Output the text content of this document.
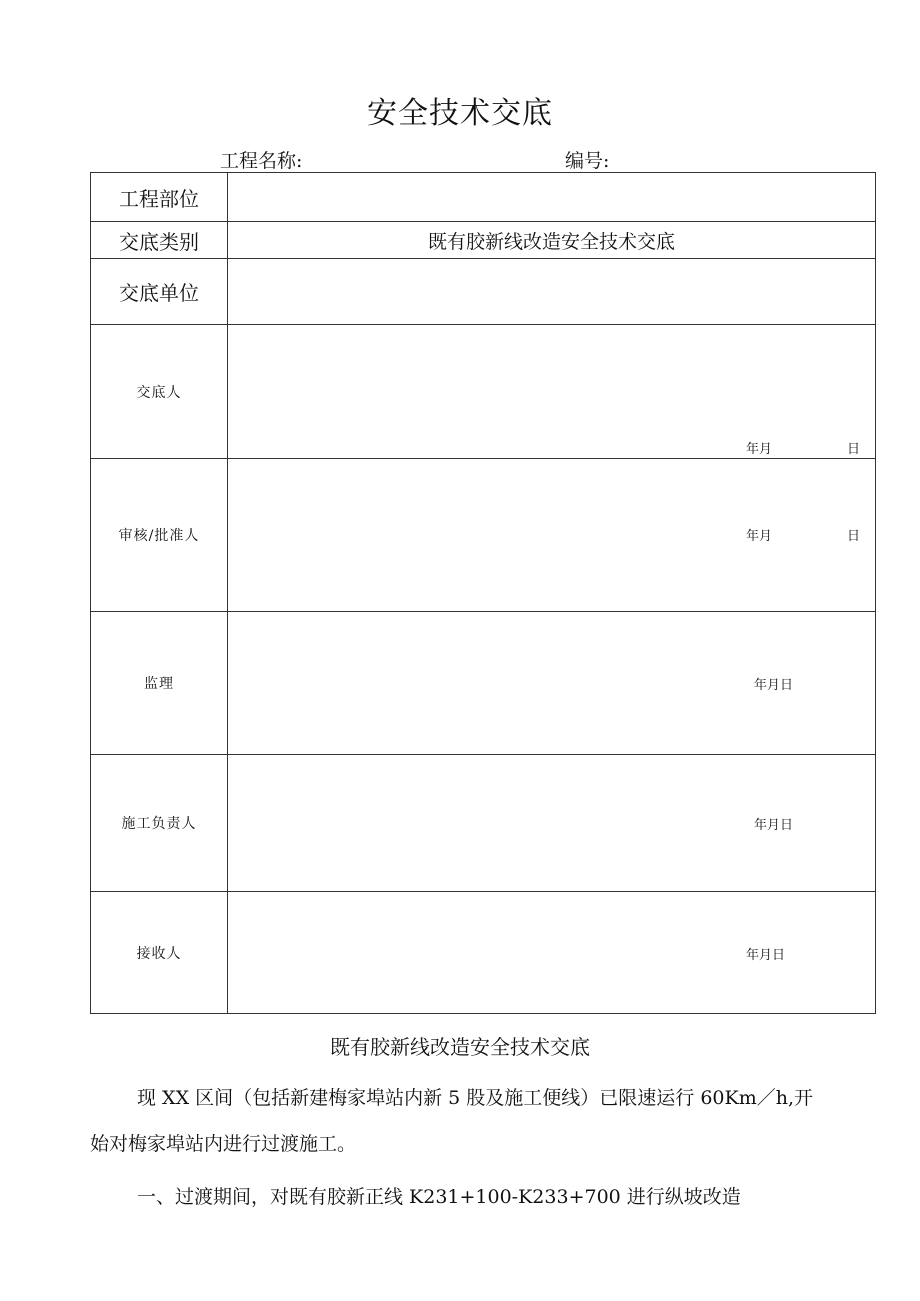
安全技术交底
工程名称:	编号:
工程部位	
交底类别	既有胶新线改造安全技术交底
交底单位	
交底人	年月 日

审核/批准人	年月 日

监理	年月日

施工负责人	年月日

接收人	年月日
既有胶新线改造安全技术交底
现 XX 区间（包括新建梅家埠站内新 5 股及施工便线）已限速运行 60Km／h,开
始对梅家埠站内进行过渡施工。
一、过渡期间，对既有胶新正线 K231+100-K233+700 进行纵坡改造
